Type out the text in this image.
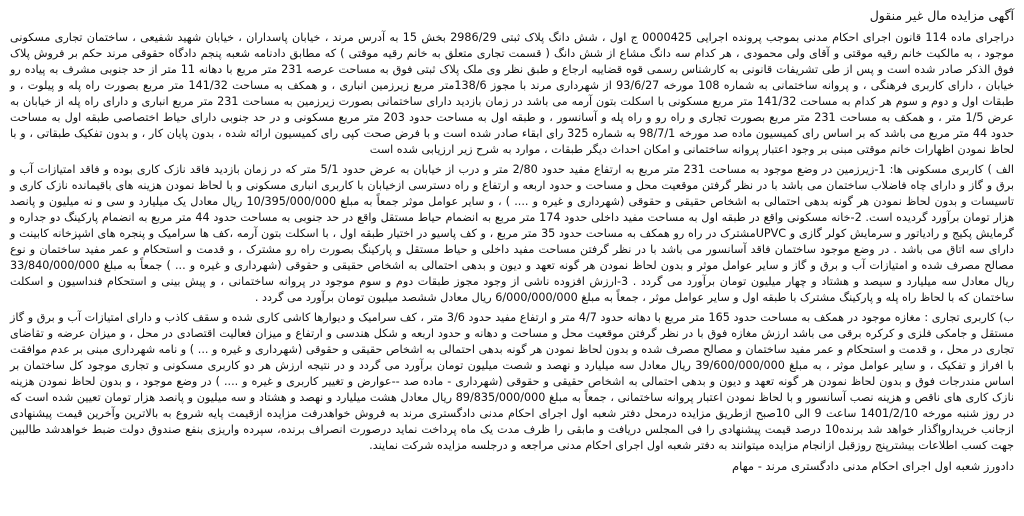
آگهی مزایده مال غیر منقول

دراجرای ماده 114 قانون اجرای احکام مدنی بموجب پرونده اجرایی 0000425 ج اول ، شش دانگ پلاک ثبتی 2986/29 بخش 15 به آدرس مرند ، خیابان پاسداران ، خیابان شهید شفیعی ، ساختمان تجاری مسکونی موجود ، به مالکیت خانم رقیه موقتی و آقای ولی محمودی ، هر کدام سه دانگ مشاع از شش دانگ ( قسمت تجاری متعلق به خانم رقیه موقتی ) که مطابق دادنامه شعبه پنجم دادگاه حقوقی مرند حکم بر فروش پلاک فوق الذکر صادر شده است و پس از طی تشریفات قانونی به کارشناس رسمی قوه قضاییه ارجاع و طبق نظر وی ملک پلاک ثبتی فوق به مساحت عرصه 231 متر مربع با دهانه 11 متر از حد جنوبی مشرف به پیاده رو خیابان ، دارای کاربری فرهنگی ، و پروانه ساختمانی به شماره 108 مورخه 93/6/27 از شهرداری مرند با مجوز 138/6متر مربع زیرزمین انباری ، و همکف به مساحت 141/32 متر مربع بصورت راه پله و پیلوت ، و طبقات اول و دوم و سوم هر کدام به مساحت 141/32 متر مربع مسکونی با اسکلت بتون آرمه می باشد در زمان بازدید دارای ساختمانی بصورت زیرزمین به مساحت 231 متر مربع انباری و دارای راه پله از خیابان به عرض 1/5 متر ، و همکف به مساحت 231 متر مربع بصورت تجاری و راه رو و راه پله و آسانسور ، و طبقه اول به مساحت حدود 203 متر مربع مسکونی و در حد جنوبی دارای حیاط اختصاصی طبقه اول به مساحت حدود 44 متر مربع می باشد که بر اساس رای کمیسیون ماده صد مورخه 98/7/1 به شماره 325 رای ابقاء صادر شده است و با فرض صحت کپی رای کمیسیون ارائه شده ، بدون پایان کار ، و بدون تفکیک طبقاتی ، و با لحاظ نمودن اظهارات خانم موقتی مبنی بر وجود اعتبار پروانه ساختمانی و امکان احداث دیگر طبقات ، موارد به شرح زیر ارزیابی شده است

الف ) کاربری مسکونی ها: 1-زیرزمین در وضع موجود به مساحت 231 متر مربع به ارتفاع مفید حدود 2/80 متر و درب از خیابان به عرض حدود 5/1 متر که در زمان بازدید فاقد نازک کاری بوده و فاقد امتیازات آب و برق و گاز و دارای چاه فاضلاب ساختمان می باشد با در نظر گرفتن موقعیت محل و مساحت و حدود اربعه و ارتفاع و راه دسترسی ازخیابان با کاربری انباری مسکونی و با لحاظ نمودن هزینه های باقیمانده نازک کاری و تاسیسات و بدون لحاظ نمودن هر گونه بدهی احتمالی به اشخاص حقیقی و حقوقی (شهرداری و غیره و .... ) ، و سایر عوامل موثر جمعاً به مبلغ 10/395/000/000 ریال معادل یک میلیارد و سی و نه میلیون و پانصد هزار تومان برآورد گردیده است. 2-خانه مسکونی واقع در طبقه اول به مساحت مفید داخلی حدود 174 متر مربع به انضمام حیاط مستقل واقع در حد جنوبی به مساحت حدود 44 متر مربع به انضمام پارکینگ دو جداره و گرمایش پکیج و رادیاتور و سرمایش کولر گازی و UPVCمشترک در راه رو همکف به مساحت حدود 35 متر مربع ، و کف پاسیو در اختیار طبقه اول ، با اسکلت بتون آرمه ،کف ها سرامیک و پنجره های اشپزخانه کابینت و دارای سه اتاق می باشد . در وضع موجود ساختمان فاقد آسانسور می باشد با در نظر گرفتن مساحت مفید داخلی و حیاط مستقل و پارکینگ بصورت راه رو مشترک ، و قدمت و استحکام و عمر مفید ساختمان و نوع مصالح مصرف شده و امتیازات آب و برق و گاز و سایر عوامل موثر و بدون لحاظ نمودن هر گونه تعهد و دیون و بدهی احتمالی به اشخاص حقیقی و حقوقی (شهرداری و غیره و ... ) جمعاً به مبلغ 33/840/000/000 ریال معادل سه میلیارد و سیصد و هشتاد و چهار میلیون تومان برآورد می گردد . 3-ارزش افزوده ناشی از وجود مجوز طبقات دوم و سوم موجود در پروانه ساختمانی ، و پیش بینی و استحکام فنداسیون و اسکلت ساختمان که با لحاظ راه پله و پارکینگ مشترک با طبقه اول و سایر عوامل موثر ، جمعاً به مبلغ 6/000/000/000 ریال معادل ششصد میلیون تومان برآورد می گردد .

ب) کاربری تجاری : مغازه موجود در همکف به مساحت حدود 165 متر مربع با دهانه حدود 4/7 متر و ارتفاع مفید حدود 3/6 متر ، کف سرامیک و دیوارها کاشی کاری شده و سقف کاذب و دارای امتیازات آب و برق و گاز مستقل و جامکی فلزی و کرکره برقی می باشد ارزش مغازه فوق با در نظر گرفتن موقعیت محل و مساحت و دهانه و حدود اربعه و شکل هندسی و ارتفاع و میزان فعالیت اقتصادی در محل ، و میزان عرضه و تقاضای تجاری در محل ، و قدمت و استحکام و عمر مفید ساختمان و مصالح مصرف شده و بدون لحاظ نمودن هر گونه بدهی احتمالی به اشخاص حقیقی و حقوقی (شهرداری و غیره و ... ) و نامه شهرداری مبنی بر عدم موافقت با افراز و تفکیک ، و سایر عوامل موثر ، به مبلغ 39/600/000/000 ریال معادل سه میلیارد و نهصد و شصت میلیون تومان برآورد می گردد و در نتیجه ارزش هر دو کاربری مسکونی و تجاری موجود کل ساختمان بر اساس مندرجات فوق و بدون لحاظ نمودن هر گونه تعهد و دیون و بدهی احتمالی به اشخاص حقیقی و حقوقی (شهرداری - ماده صد --عوارض و تغییر کاربری و غیره و .... ) در وضع موجود ، و بدون لحاظ نمودن هزینه نازک کاری های ناقص و هزینه نصب آسانسور و با لحاظ نمودن اعتبار پروانه ساختمانی ، جمعاً به مبلغ 89/835/000/000 ریال معادل هشت میلیارد و نهصد و هشتاد و سه میلیون و پانصد هزار تومان تعیین شده است که در روز شنبه مورخه 1401/2/10 ساعت 9 الی 10صبح ازطریق مزایده درمحل دفتر شعبه اول اجرای احکام مدنی دادگستری مرند به فروش خواهدرفت مزایده ازقیمت پایه شروع به بالاترین وآخرین قیمت پیشنهادی ازجانب خریدارواگذار خواهد شد برنده10 درصد قیمت پیشنهادی را فی المجلس دریافت و مابقی را ظرف مدت یک ماه پرداخت نماید درصورت انصراف برنده، سپرده واریزی بنفع صندوق دولت ضبط خواهدشد طالبین جهت کسب اطلاعات بیشترپنج روزقبل ازانجام مزایده میتوانند به دفتر شعبه اول اجرای احکام مدنی مراجعه و درجلسه مزایده شرکت نمایند.

دادورز شعبه اول اجرای احکام مدنی دادگستری مرند - مهام
